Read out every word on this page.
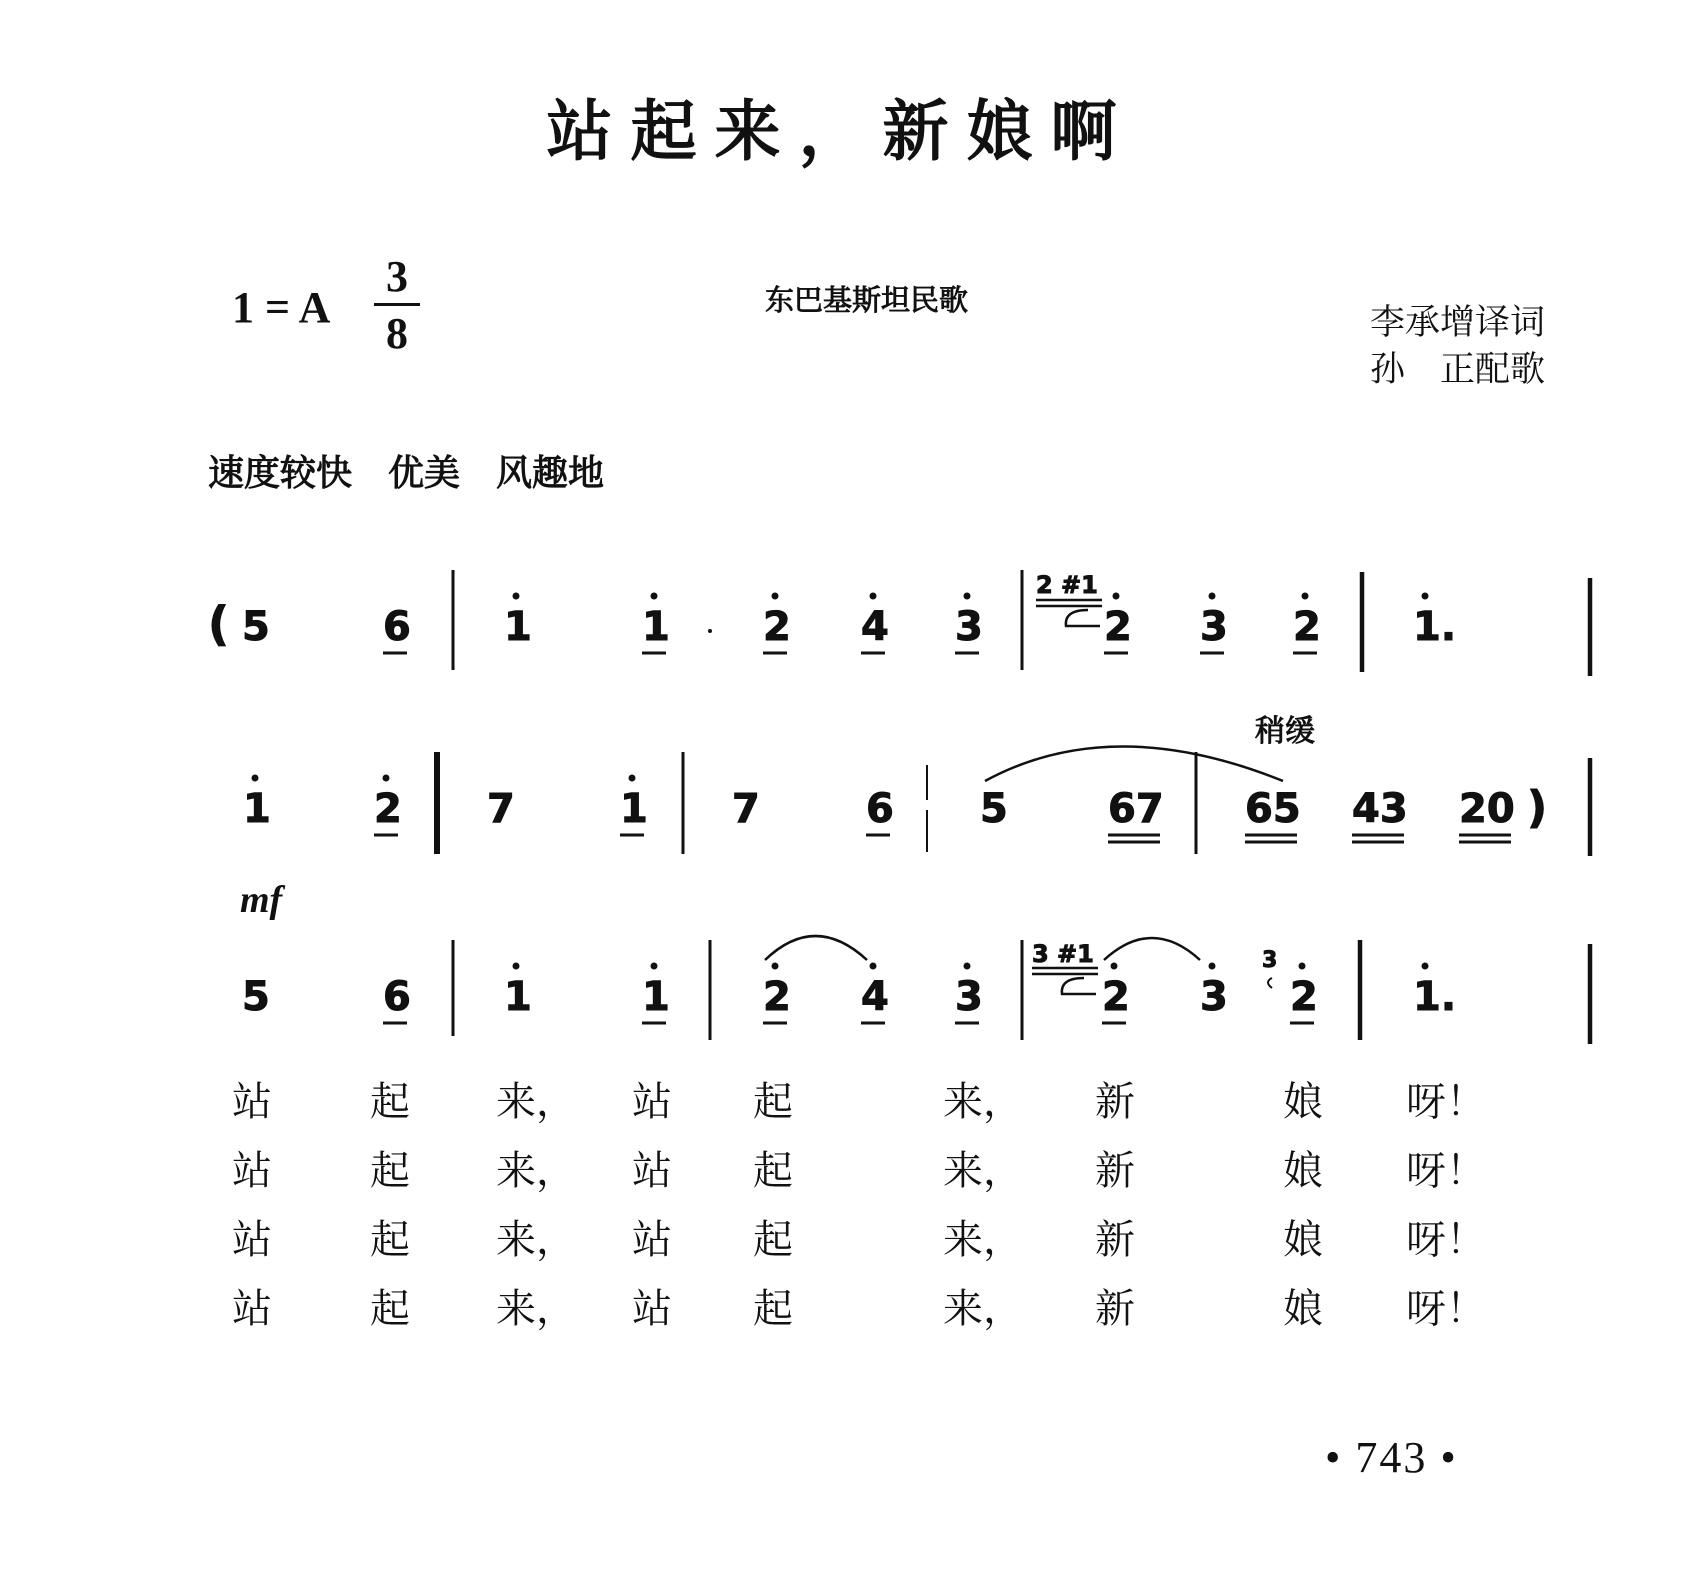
站起来，新娘啊
1 = A
3
8
东巴基斯坦民歌
李承增译词
孙　正配歌
速度较快　优美　风趣地
mf
稍缓
( 5	6 1	1 2 4 3
2 #1
2 3 2 1.
1	2 7	1 7	6 5	67 65 43 20 )
5	6 1	1 2 4 3
3 #1
2 3
3
2 1.
站 起 来， 站 起	来， 新	娘 呀！
站 起 来， 站 起	来， 新	娘 呀！
站 起 来， 站 起	来， 新	娘 呀！
站 起 来， 站 起	来， 新	娘 呀！
• 743 •
